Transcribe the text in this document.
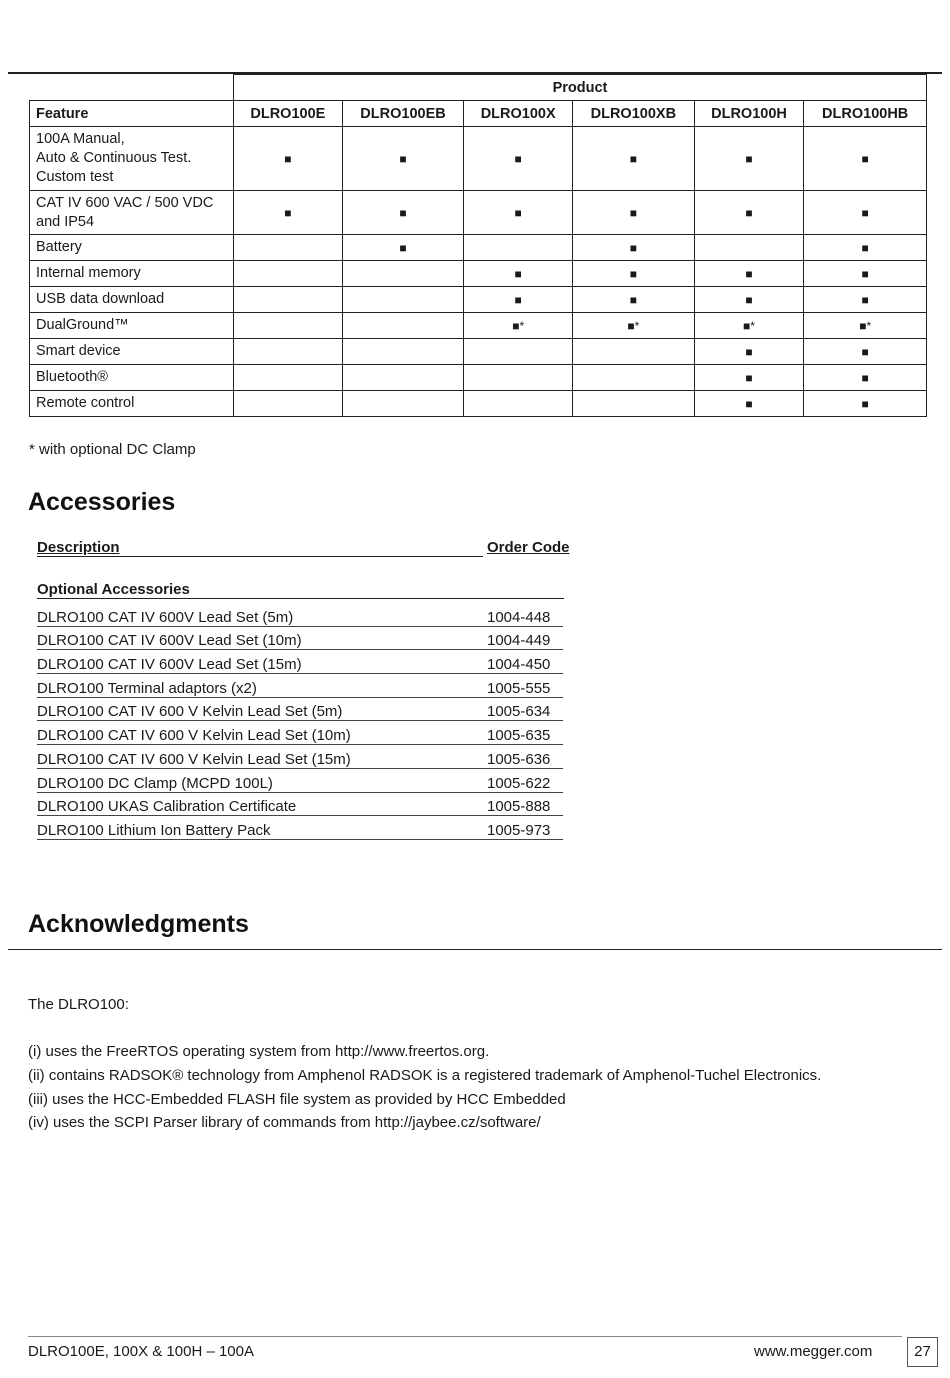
	Product					
Feature	DLRO100E	DLRO100EB	DLRO100X	DLRO100XB	DLRO100H	DLRO100HB

100A Manual,
Auto & Continuous Test.
Custom test	■	■	■	■	■	■

CAT IV 600 VAC / 500 VDC
and IP54	■	■	■	■	■	■

Battery		■		■		■

Internal memory			■	■	■	■

USB data download			■	■	■	■

DualGround™			■*	■*	■*	■*

Smart device					■	■

Bluetooth®					■	■

Remote control					■	■
* with optional DC Clamp
Accessories
Description	Order Code
Optional Accessories
DLRO100 CAT IV 600V Lead Set (5m)	1004-448
DLRO100 CAT IV 600V Lead Set (10m)	1004-449
DLRO100 CAT IV 600V Lead Set (15m)	1004-450
DLRO100 Terminal adaptors (x2)	1005-555
DLRO100 CAT IV 600 V Kelvin Lead Set (5m)	1005-634
DLRO100 CAT IV 600 V Kelvin Lead Set (10m)	1005-635
DLRO100 CAT IV 600 V Kelvin Lead Set (15m)	1005-636
DLRO100 DC Clamp (MCPD 100L)	1005-622
DLRO100 UKAS Calibration Certificate	1005-888
DLRO100 Lithium Ion Battery Pack	1005-973
Acknowledgments
The DLRO100:
(i) uses the FreeRTOS operating system from http://www.freertos.org.
(ii) contains RADSOK® technology from Amphenol RADSOK is a registered trademark of Amphenol-Tuchel Electronics.
(iii) uses the HCC-Embedded FLASH file system as provided by HCC Embedded
(iv) uses the SCPI Parser library of commands from http://jaybee.cz/software/
DLRO100E, 100X & 100H – 100A	www.megger.com	27
